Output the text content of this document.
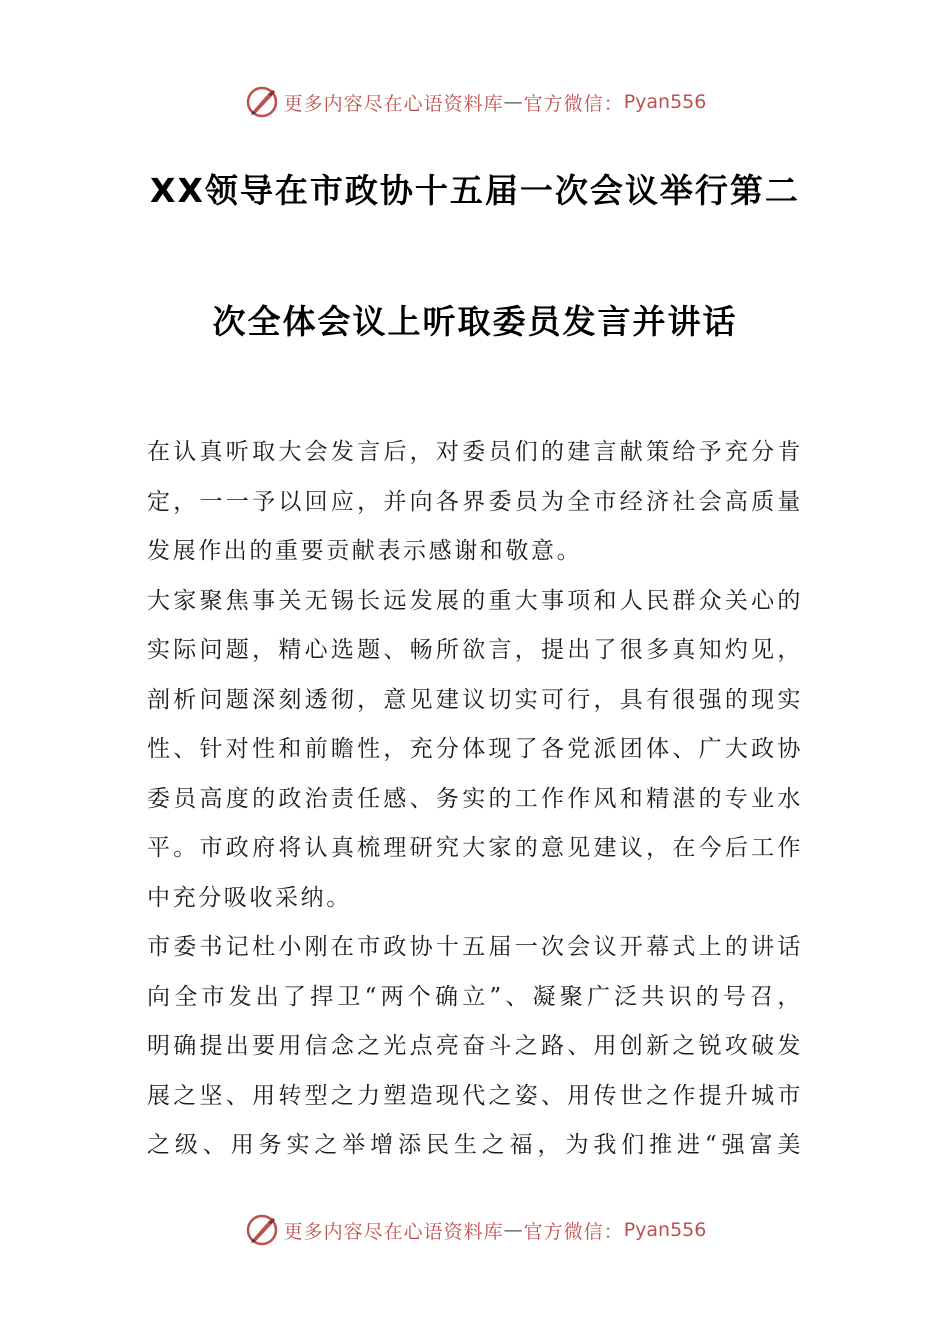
更多内容尽在心语资料库 — 官方微信： Pyan556
XX领导在市政协十五届一次会议举行第二
次全体会议上听取委员发言并讲话
在认真听取大会发言后，对委员们的建言献策给予充分肯
定，一一予以回应，并向各界委员为全市经济社会高质量
发展作出的重要贡献表示感谢和敬意。
大家聚焦事关无锡长远发展的重大事项和人民群众关心的
实际问题，精心选题、畅所欲言，提出了很多真知灼见，
剖析问题深刻透彻，意见建议切实可行，具有很强的现实
性、针对性和前瞻性，充分体现了各党派团体、广大政协
委员高度的政治责任感、务实的工作作风和精湛的专业水
平。市政府将认真梳理研究大家的意见建议，在今后工作
中充分吸收采纳。
市委书记杜小刚在市政协十五届一次会议开幕式上的讲话
向全市发出了捍卫“两个确立”、凝聚广泛共识的号召，
明确提出要用信念之光点亮奋斗之路、用创新之锐攻破发
展之坚、用转型之力塑造现代之姿、用传世之作提升城市
之级、用务实之举增添民生之福，为我们推进“强富美
更多内容尽在心语资料库 — 官方微信： Pyan556
